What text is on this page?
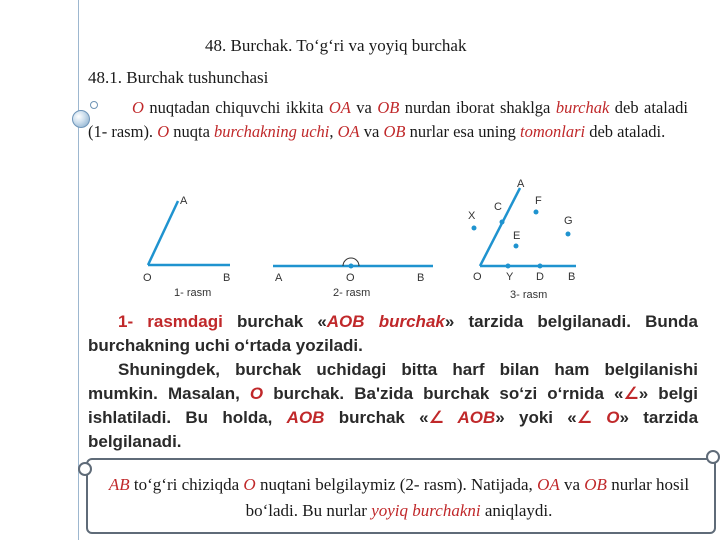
48. Burchak. To‘g‘ri va yoyiq burchak
48.1. Burchak tushunchasi
O nuqtadan chiquvchi ikkita OA va OB nurdan iborat shaklga burchak deb ataladi (1- rasm). O nuqta burchakning uchi, OA va OB nurlar esa uning tomonlari deb ataladi.
A
O	B
1- rasm
A	O	B
2- rasm
A
C	F
X	G
E
O Y D B
3- rasm
1- rasmdagi burchak «AOB burchak» tarzida belgilanadi. Bunda burchakning uchi o‘rtada yoziladi.
Shuningdek, burchak uchidagi bitta harf bilan ham belgilanishi mumkin. Masalan, O burchak. Ba'zida burchak so‘zi o‘rnida «∠» belgi ishlatiladi. Bu holda, AOB burchak «∠ AOB» yoki «∠ O» tarzida belgilanadi.
AB to‘g‘ri chiziqda O nuqtani belgilaymiz (2- rasm). Natijada, OA va OB nurlar hosil bo‘ladi. Bu nurlar yoyiq burchakni aniqlaydi.
